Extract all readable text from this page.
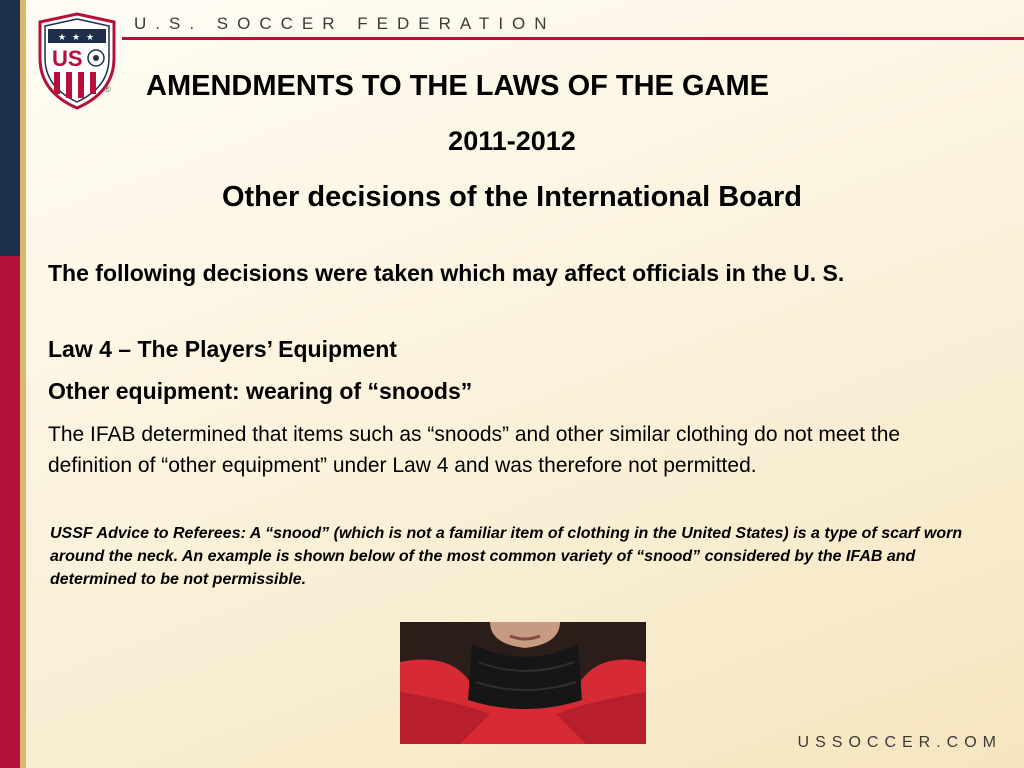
★ ★ ★
US
®
U.S. SOCCER FEDERATION
AMENDMENTS TO THE LAWS OF THE GAME
2011-2012
Other decisions of the International Board
The following decisions were taken which may affect officials in the U. S.
Law 4 – The Players’ Equipment
Other equipment: wearing of “snoods”
The IFAB determined that items such as “snoods” and other similar clothing do not meet the definition of “other equipment” under Law 4 and was therefore not permitted.
USSF Advice to Referees: A “snood” (which is not a familiar item of clothing in the United States) is a type of scarf worn around the neck. An example is shown below of the most common variety of “snood” considered by the IFAB and determined to be not permissible.
USSOCCER.COM
